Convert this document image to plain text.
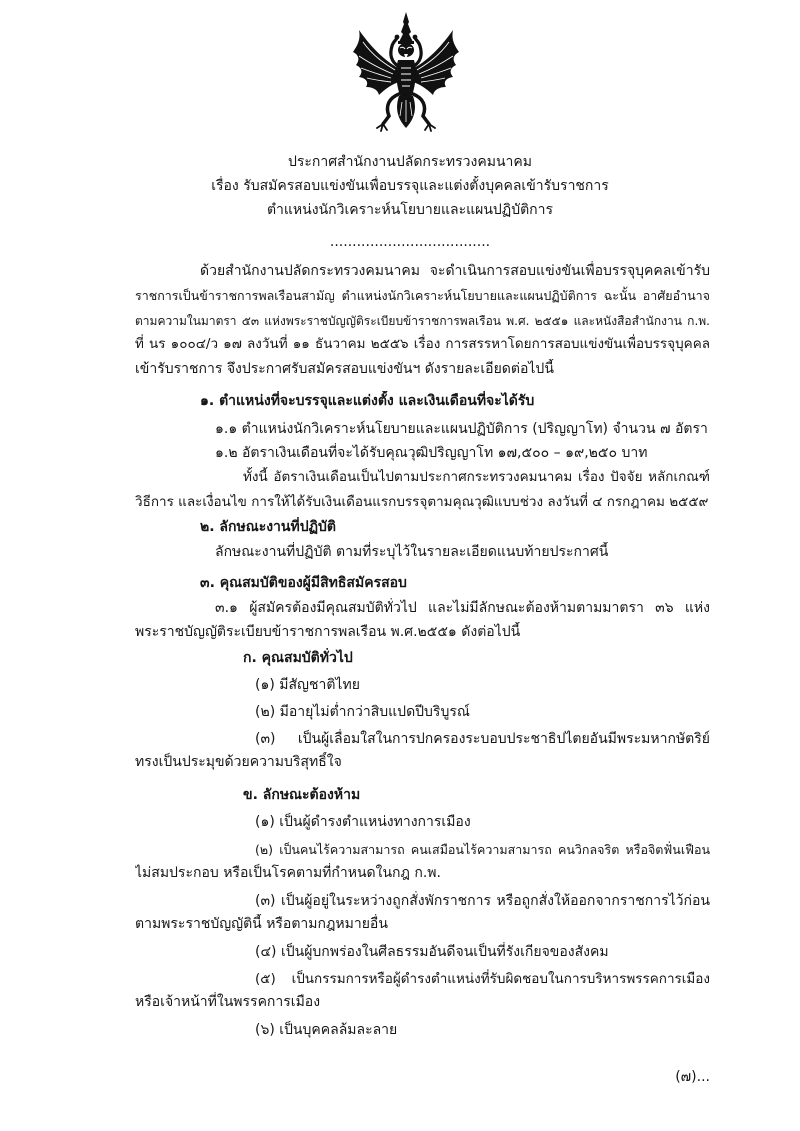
ประกาศสำนักงานปลัดกระทรวงคมนาคม
เรื่อง รับสมัครสอบแข่งขันเพื่อบรรจุและแต่งตั้งบุคคลเข้ารับราชการ
ตำแหน่งนักวิเคราะห์นโยบายและแผนปฏิบัติการ
....................................
ด้วยสำนักงานปลัดกระทรวงคมนาคม จะดำเนินการสอบแข่งขันเพื่อบรรจุบุคคลเข้ารับ
ราชการเป็นข้าราชการพลเรือนสามัญ ตำแหน่งนักวิเคราะห์นโยบายและแผนปฏิบัติการ ฉะนั้น อาศัยอำนาจ
ตามความในมาตรา ๕๓ แห่งพระราชบัญญัติระเบียบข้าราชการพลเรือน พ.ศ. ๒๕๕๑ และหนังสือสำนักงาน ก.พ.
ที่ นร ๑๐๐๔/ว ๑๗ ลงวันที่ ๑๑ ธันวาคม ๒๕๕๖ เรื่อง การสรรหาโดยการสอบแข่งขันเพื่อบรรจุบุคคล
เข้ารับราชการ จึงประกาศรับสมัครสอบแข่งขันฯ ดังรายละเอียดต่อไปนี้
๑. ตำแหน่งที่จะบรรจุและแต่งตั้ง และเงินเดือนที่จะได้รับ
๑.๑ ตำแหน่งนักวิเคราะห์นโยบายและแผนปฏิบัติการ (ปริญญาโท) จำนวน ๗ อัตรา
๑.๒ อัตราเงินเดือนที่จะได้รับคุณวุฒิปริญญาโท ๑๗,๕๐๐ – ๑๙,๒๕๐ บาท
ทั้งนี้ อัตราเงินเดือนเป็นไปตามประกาศกระทรวงคมนาคม เรื่อง ปัจจัย หลักเกณฑ์
วิธีการ และเงื่อนไข การให้ได้รับเงินเดือนแรกบรรจุตามคุณวุฒิแบบช่วง ลงวันที่ ๔ กรกฎาคม ๒๕๕๙
๒. ลักษณะงานที่ปฏิบัติ
ลักษณะงานที่ปฏิบัติ ตามที่ระบุไว้ในรายละเอียดแนบท้ายประกาศนี้
๓. คุณสมบัติของผู้มีสิทธิสมัครสอบ
๓.๑ ผู้สมัครต้องมีคุณสมบัติทั่วไป และไม่มีลักษณะต้องห้ามตามมาตรา ๓๖ แห่ง
พระราชบัญญัติระเบียบข้าราชการพลเรือน พ.ศ.๒๕๕๑ ดังต่อไปนี้
ก. คุณสมบัติทั่วไป
(๑) มีสัญชาติไทย
(๒) มีอายุไม่ต่ำกว่าสิบแปดปีบริบูรณ์
(๓) เป็นผู้เลื่อมใสในการปกครองระบอบประชาธิปไตยอันมีพระมหากษัตริย์
ทรงเป็นประมุขด้วยความบริสุทธิ์ใจ
ข. ลักษณะต้องห้าม
(๑) เป็นผู้ดำรงตำแหน่งทางการเมือง
(๒) เป็นคนไร้ความสามารถ คนเสมือนไร้ความสามารถ คนวิกลจริต หรือจิตฟั่นเฟือน
ไม่สมประกอบ หรือเป็นโรคตามที่กำหนดในกฎ ก.พ.
(๓) เป็นผู้อยู่ในระหว่างถูกสั่งพักราชการ หรือถูกสั่งให้ออกจากราชการไว้ก่อน
ตามพระราชบัญญัตินี้ หรือตามกฎหมายอื่น
(๔) เป็นผู้บกพร่องในศีลธรรมอันดีจนเป็นที่รังเกียจของสังคม
(๕) เป็นกรรมการหรือผู้ดำรงตำแหน่งที่รับผิดชอบในการบริหารพรรคการเมือง
หรือเจ้าหน้าที่ในพรรคการเมือง
(๖) เป็นบุคคลล้มละลาย
(๗)...
